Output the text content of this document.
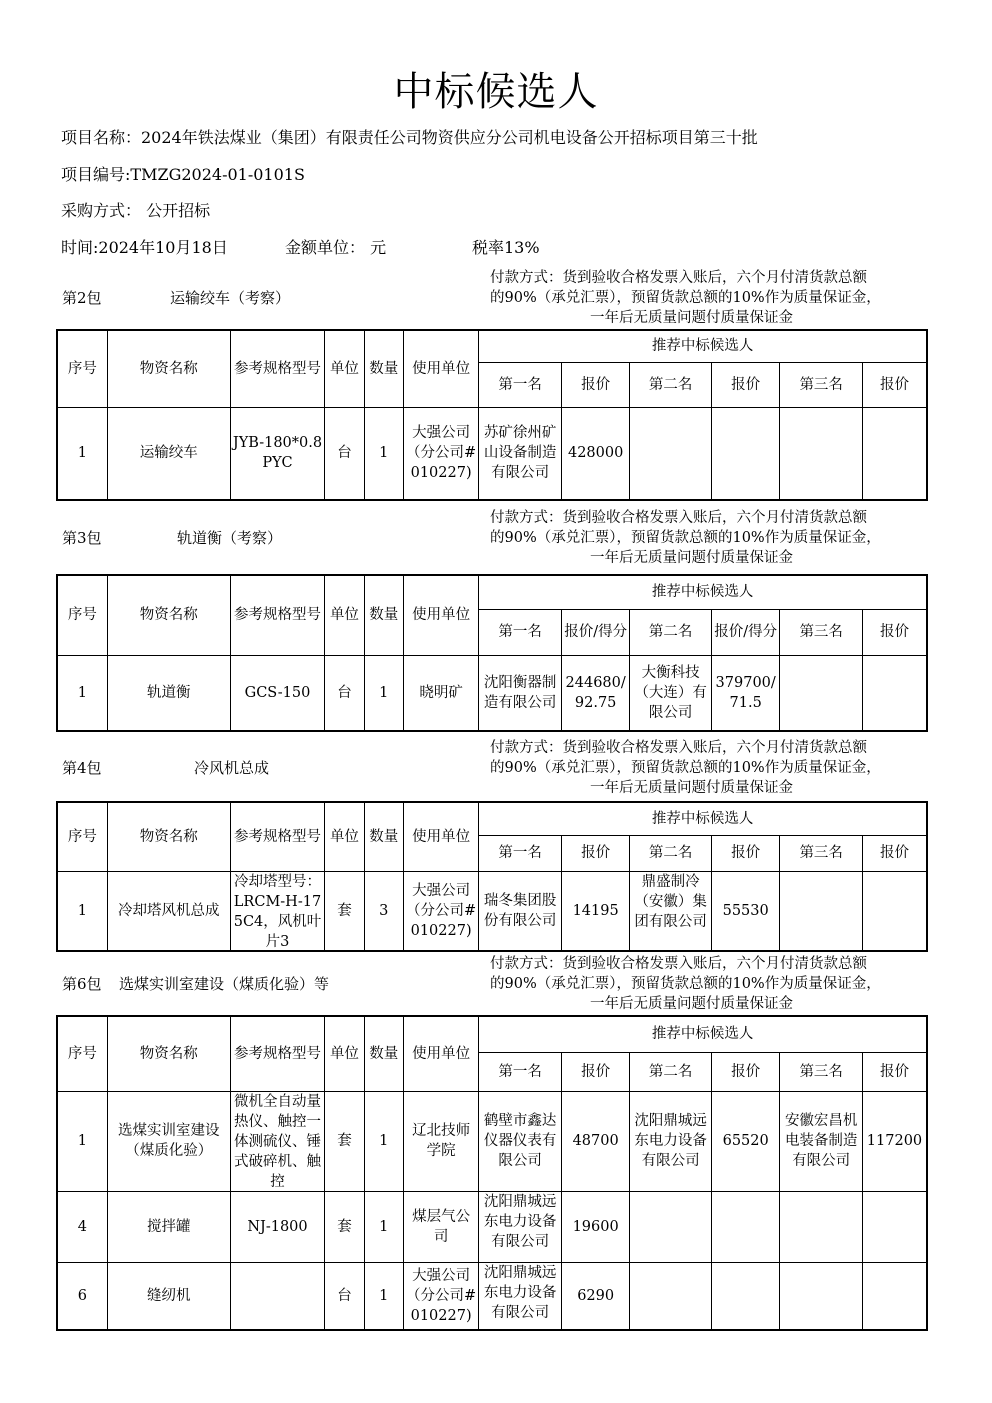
中标候选人
项目名称：2024年铁法煤业（集团）有限责任公司物资供应分公司机电设备公开招标项目第三十批
项目编号:TMZG2024-01-0101S
采购方式： 公开招标
时间:2024年10月18日	金额单位： 元	税率13%
付款方式：货到验收合格发票入账后，六个月付清货款总额
的90%（承兑汇票），预留货款总额的10%作为质量保证金，

一年后无质量问题付质量保证金
第2包	运输绞车（考察）
序号	物资名称	参考规格型号	单位	数量	使用单位	推荐中标候选人					
						第一名	报价	第二名	报价	第三名	报价
1	运输绞车	JYB-180*0.8PYC	台	1	大强公司（分公司#010227)	苏矿徐州矿山设备制造有限公司	428000				
付款方式：货到验收合格发票入账后，六个月付清货款总额
的90%（承兑汇票），预留货款总额的10%作为质量保证金，

一年后无质量问题付质量保证金
第3包	轨道衡（考察）
序号	物资名称	参考规格型号	单位	数量	使用单位	推荐中标候选人					
						第一名	报价/得分	第二名	报价/得分	第三名	报价
1	轨道衡	GCS-150	台	1	晓明矿	沈阳衡器制造有限公司	244680/92.75	大衡科技（大连）有限公司	379700/71.5		
付款方式：货到验收合格发票入账后，六个月付清货款总额
的90%（承兑汇票），预留货款总额的10%作为质量保证金，

一年后无质量问题付质量保证金
第4包	冷风机总成
序号	物资名称	参考规格型号	单位	数量	使用单位	推荐中标候选人					
						第一名	报价	第二名	报价	第三名	报价
1	冷却塔风机总成	冷却塔型号：LRCM-H-175C4，风机叶片3	套	3	大强公司（分公司#010227)	瑞冬集团股份有限公司	14195	鼎盛制冷（安徽）集团有限公司	55530		
付款方式：货到验收合格发票入账后，六个月付清货款总额
的90%（承兑汇票），预留货款总额的10%作为质量保证金，

一年后无质量问题付质量保证金
第6包 选煤实训室建设（煤质化验）等
序号	物资名称	参考规格型号	单位	数量	使用单位	推荐中标候选人					
						第一名	报价	第二名	报价	第三名	报价
1	选煤实训室建设（煤质化验）	微机全自动量热仪、触控一体测硫仪、锤式破碎机、触控	套	1	辽北技师学院	鹤壁市鑫达仪器仪表有限公司	48700	沈阳鼎城远东电力设备有限公司	65520	安徽宏昌机电装备制造有限公司	117200
4	搅拌罐	NJ-1800	套	1	煤层气公司	沈阳鼎城远东电力设备有限公司	19600				
6	缝纫机		台	1	大强公司（分公司#010227)	沈阳鼎城远东电力设备有限公司	6290				
